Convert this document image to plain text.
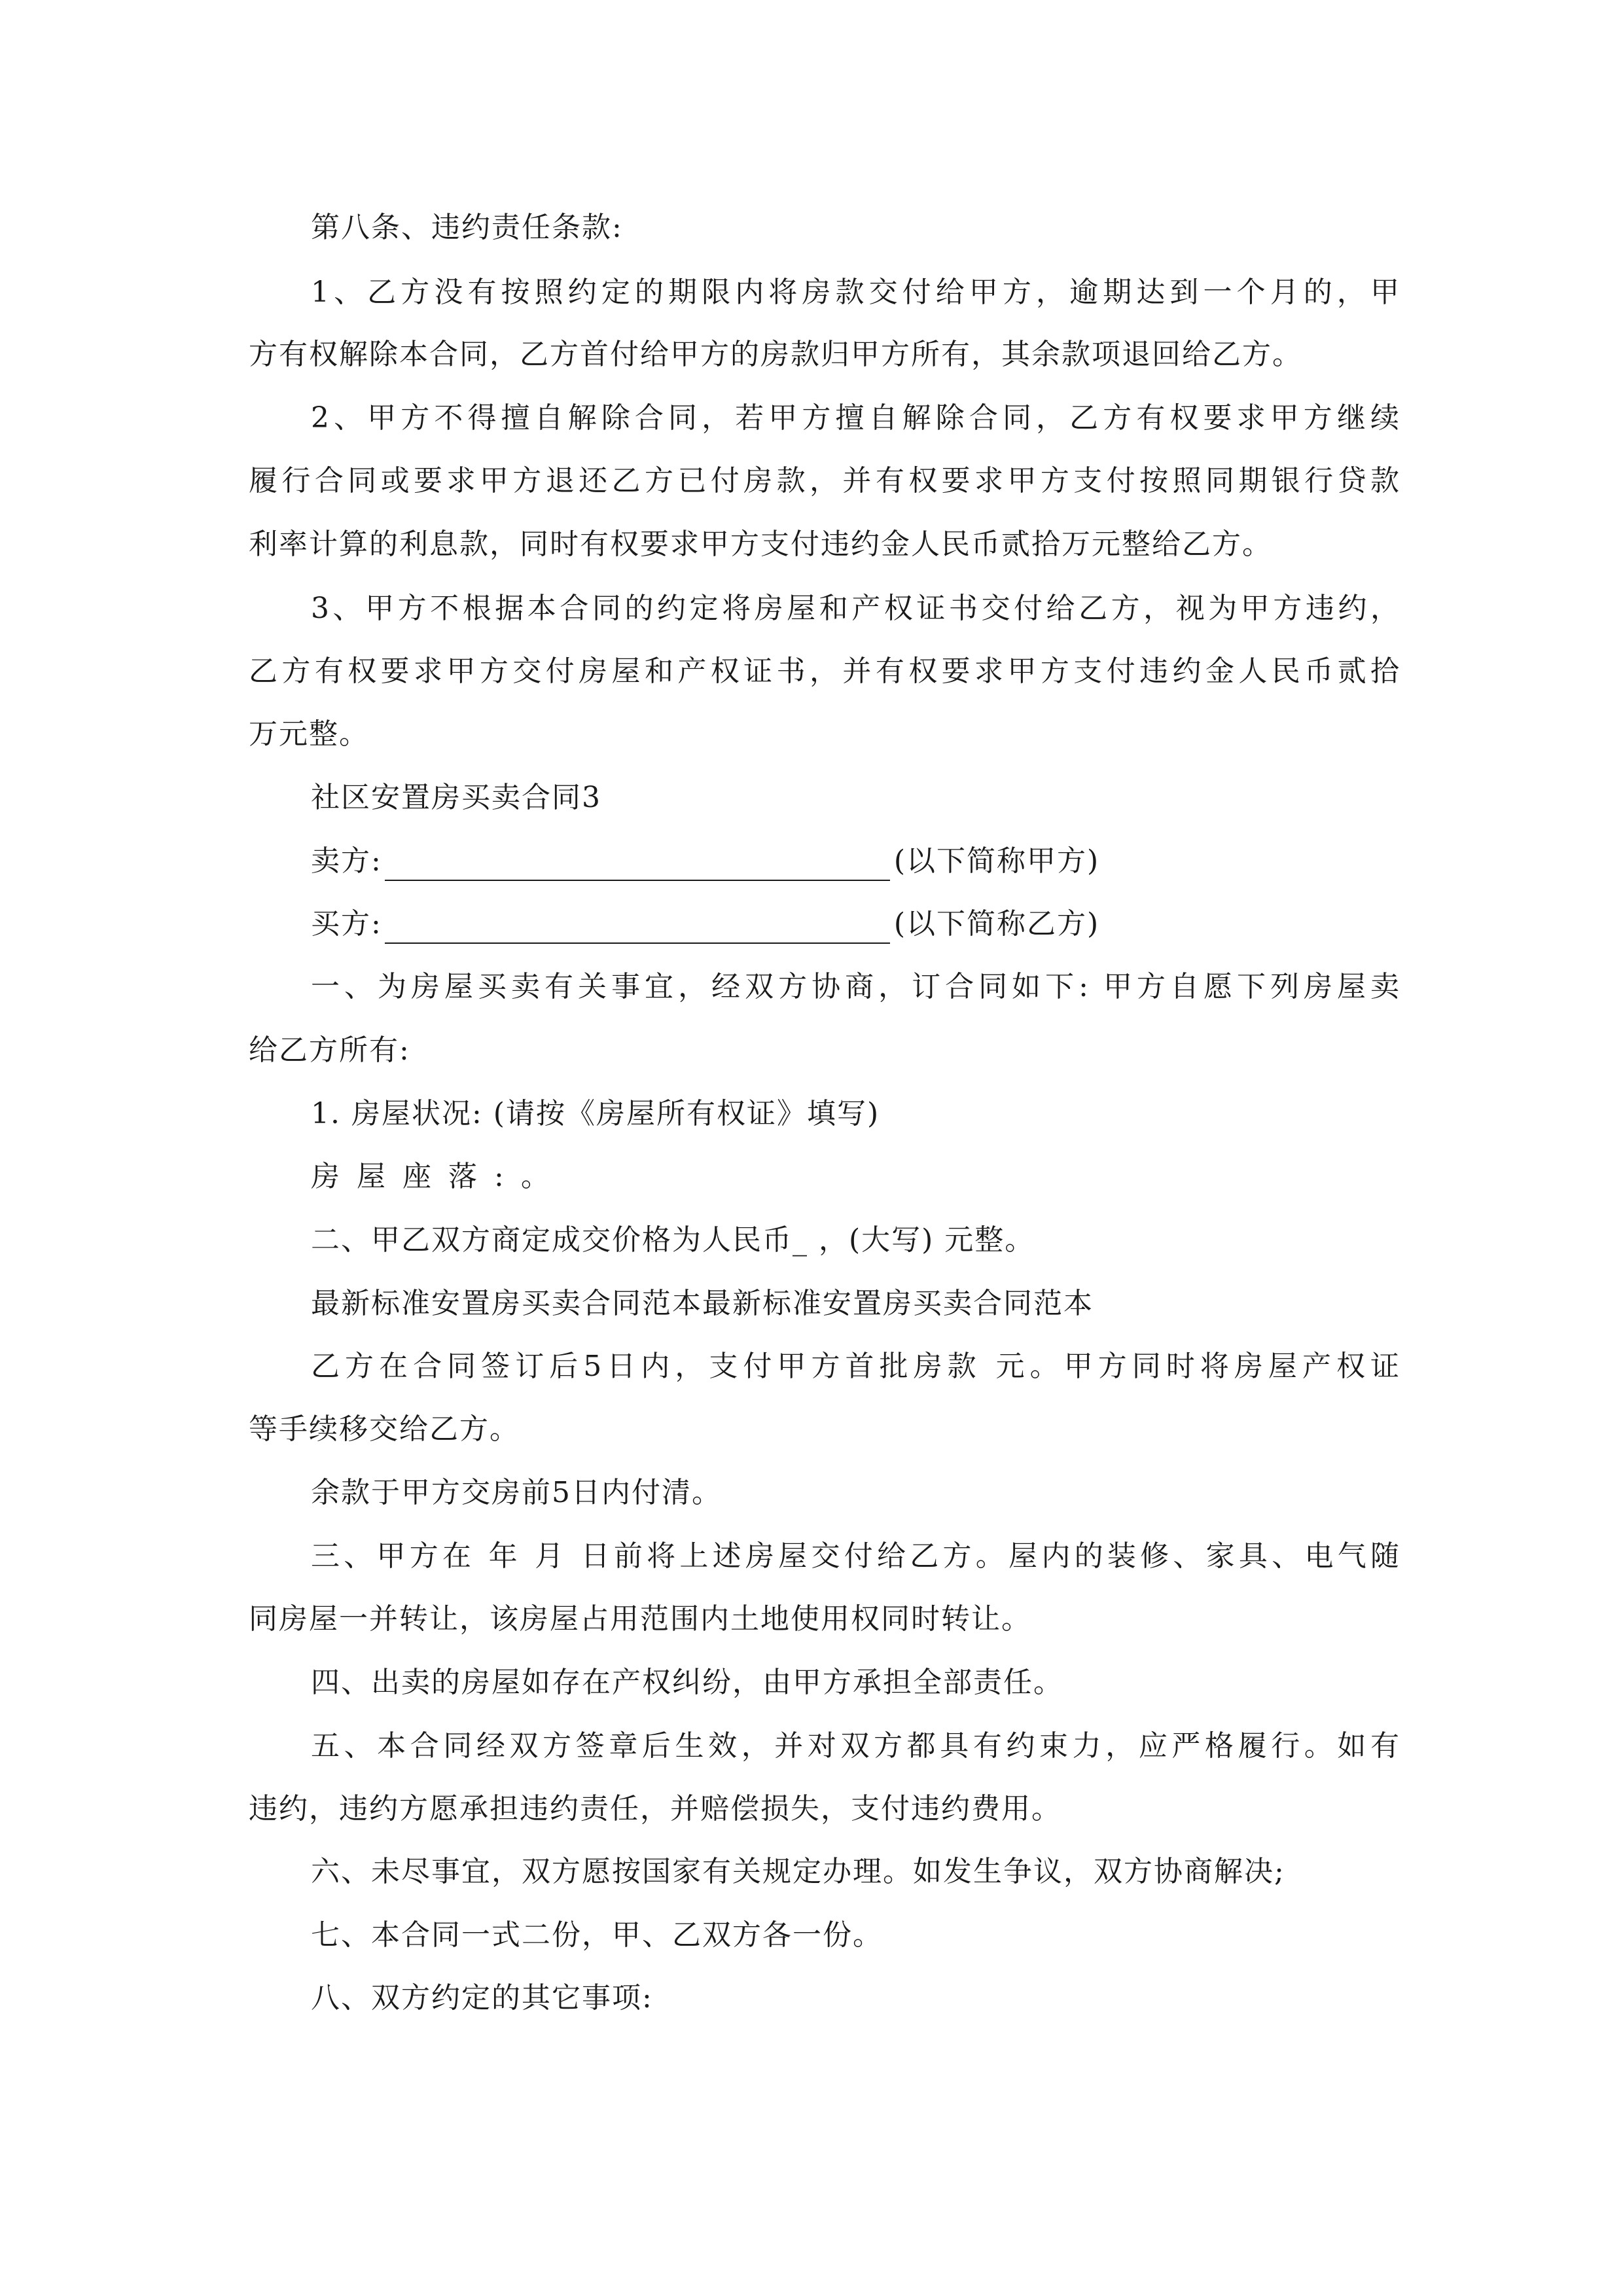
第八条、违约责任条款:
1、乙方没有按照约定的期限内将房款交付给甲方，逾期达到一个月的，甲
方有权解除本合同，乙方首付给甲方的房款归甲方所有，其余款项退回给乙方。
2、甲方不得擅自解除合同，若甲方擅自解除合同，乙方有权要求甲方继续
履行合同或要求甲方退还乙方已付房款，并有权要求甲方支付按照同期银行贷款
利率计算的利息款，同时有权要求甲方支付违约金人民币贰拾万元整给乙方。
3、甲方不根据本合同的约定将房屋和产权证书交付给乙方，视为甲方违约，
乙方有权要求甲方交付房屋和产权证书，并有权要求甲方支付违约金人民币贰拾
万元整。
社区安置房买卖合同3
卖方:	(以下简称甲方)
买方:	(以下简称乙方)
一、为房屋买卖有关事宜，经双方协商，订合同如下: 甲方自愿下列房屋卖
给乙方所有:
1. 房屋状况: (请按《房屋所有权证》填写)
房屋座落:。
二、甲乙双方商定成交价格为人民币_ ，(大写) 元整。
最新标准安置房买卖合同范本最新标准安置房买卖合同范本
乙方在合同签订后5日内，支付甲方首批房款 元。甲方同时将房屋产权证
等手续移交给乙方。
余款于甲方交房前5日内付清。
三、甲方在 年 月 日前将上述房屋交付给乙方。屋内的装修、家具、电气随
同房屋一并转让，该房屋占用范围内土地使用权同时转让。
四、出卖的房屋如存在产权纠纷，由甲方承担全部责任。
五、本合同经双方签章后生效，并对双方都具有约束力，应严格履行。如有
违约，违约方愿承担违约责任，并赔偿损失，支付违约费用。
六、未尽事宜，双方愿按国家有关规定办理。如发生争议，双方协商解决;
七、本合同一式二份，甲、乙双方各一份。
八、双方约定的其它事项:
